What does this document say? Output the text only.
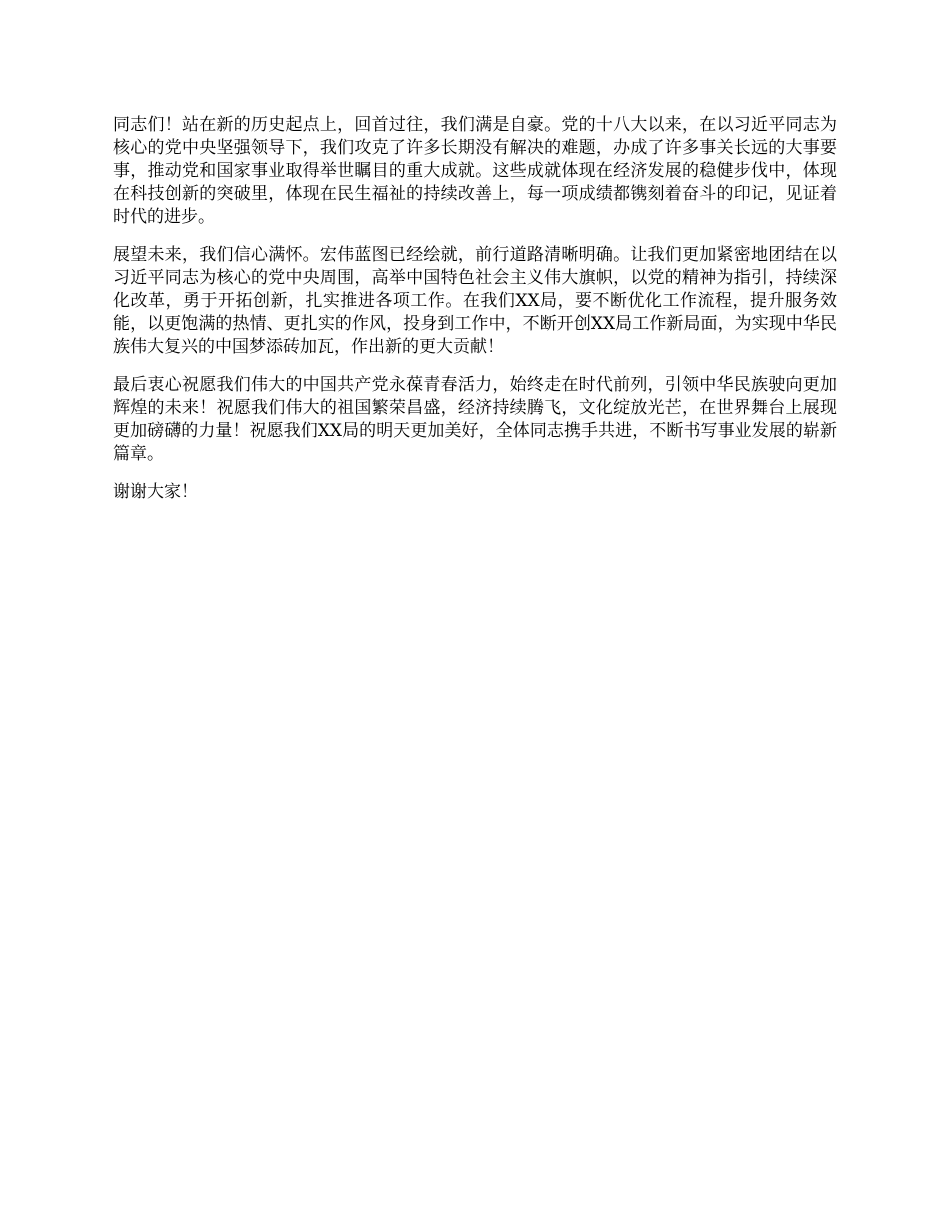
同志们！站在新的历史起点上，回首过往，我们满是自豪。党的十八大以来，在以习近平同志为核心的党中央坚强领导下，我们攻克了许多长期没有解决的难题，办成了许多事关长远的大事要事，推动党和国家事业取得举世瞩目的重大成就。这些成就体现在经济发展的稳健步伐中，体现在科技创新的突破里，体现在民生福祉的持续改善上，每一项成绩都镌刻着奋斗的印记，见证着时代的进步。

展望未来，我们信心满怀。宏伟蓝图已经绘就，前行道路清晰明确。让我们更加紧密地团结在以习近平同志为核心的党中央周围，高举中国特色社会主义伟大旗帜，以党的精神为指引，持续深化改革，勇于开拓创新，扎实推进各项工作。在我们XX局，要不断优化工作流程，提升服务效能，以更饱满的热情、更扎实的作风，投身到工作中，不断开创XX局工作新局面，为实现中华民族伟大复兴的中国梦添砖加瓦，作出新的更大贡献！

最后衷心祝愿我们伟大的中国共产党永葆青春活力，始终走在时代前列，引领中华民族驶向更加辉煌的未来！祝愿我们伟大的祖国繁荣昌盛，经济持续腾飞，文化绽放光芒，在世界舞台上展现更加磅礴的力量！祝愿我们XX局的明天更加美好，全体同志携手共进，不断书写事业发展的崭新篇章。

谢谢大家！
